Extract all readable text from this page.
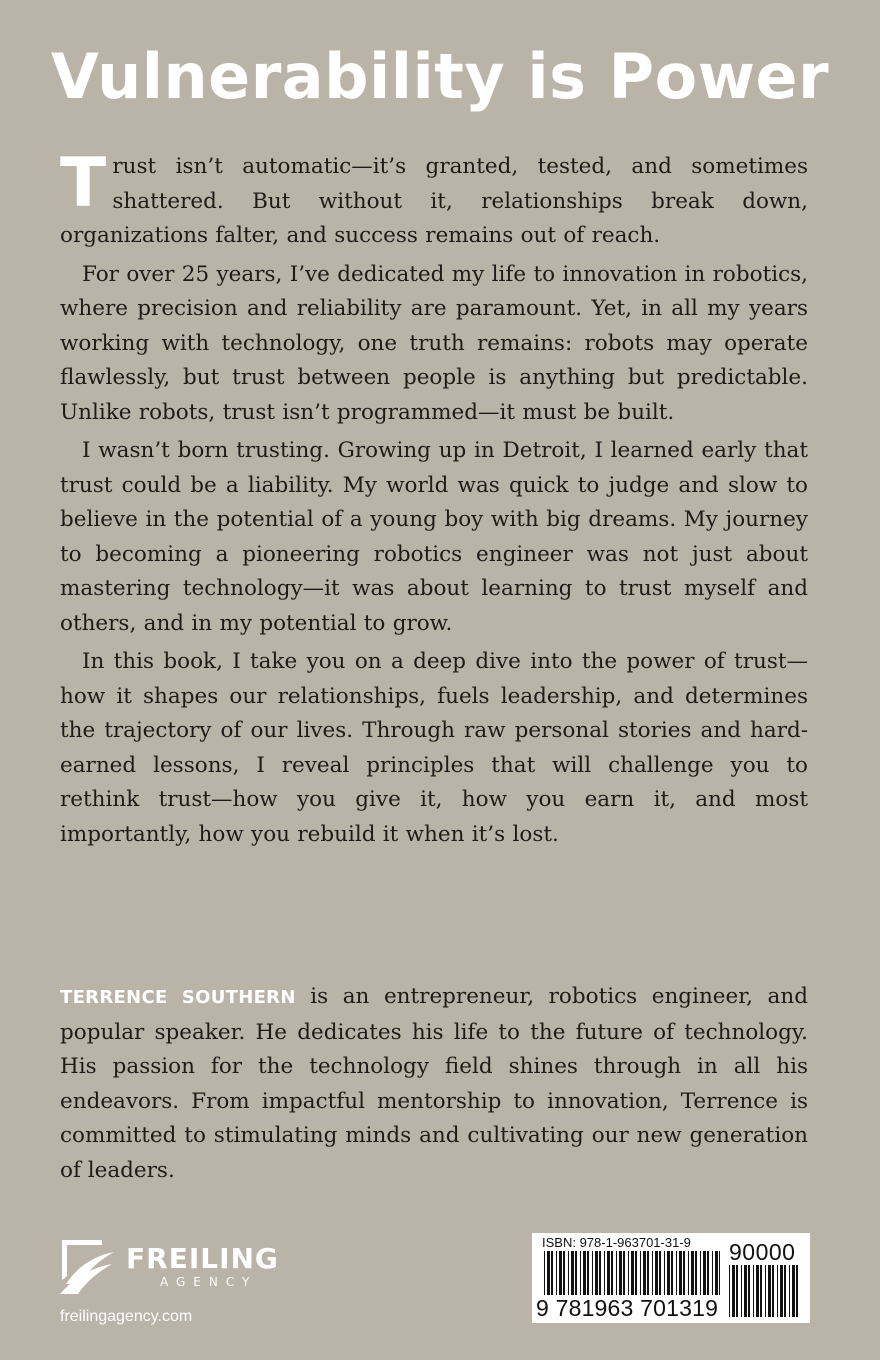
Vulnerability is Power

Trust isn’t automatic—it’s granted, tested, and sometimes shattered. But without it, relationships break down, organizations falter, and success remains out of reach.

For over 25 years, I’ve dedicated my life to innovation in robotics, where precision and reliability are paramount. Yet, in all my years working with technology, one truth remains: robots may operate flawlessly, but trust between people is anything but predictable. Unlike robots, trust isn’t programmed—it must be built.

I wasn’t born trusting. Growing up in Detroit, I learned early that trust could be a liability. My world was quick to judge and slow to believe in the potential of a young boy with big dreams. My journey to becoming a pioneering robotics engineer was not just about mastering technology—it was about learning to trust myself and others, and in my potential to grow.

In this book, I take you on a deep dive into the power of trust—how it shapes our relationships, fuels leadership, and determines the trajectory of our lives. Through raw personal stories and hard-earned lessons, I reveal principles that will challenge you to rethink trust—how you give it, how you earn it, and most importantly, how you rebuild it when it’s lost.

TERRENCE SOUTHERN is an entrepreneur, robotics engineer, and popular speaker. He dedicates his life to the future of technology. His passion for the technology field shines through in all his endeavors. From impactful mentorship to innovation, Terrence is committed to stimulating minds and cultivating our new generation of leaders.

FREILING
AGENCY
freilingagency.com
ISBN: 978-1-963701-31-9 90000
9 781963 701319
